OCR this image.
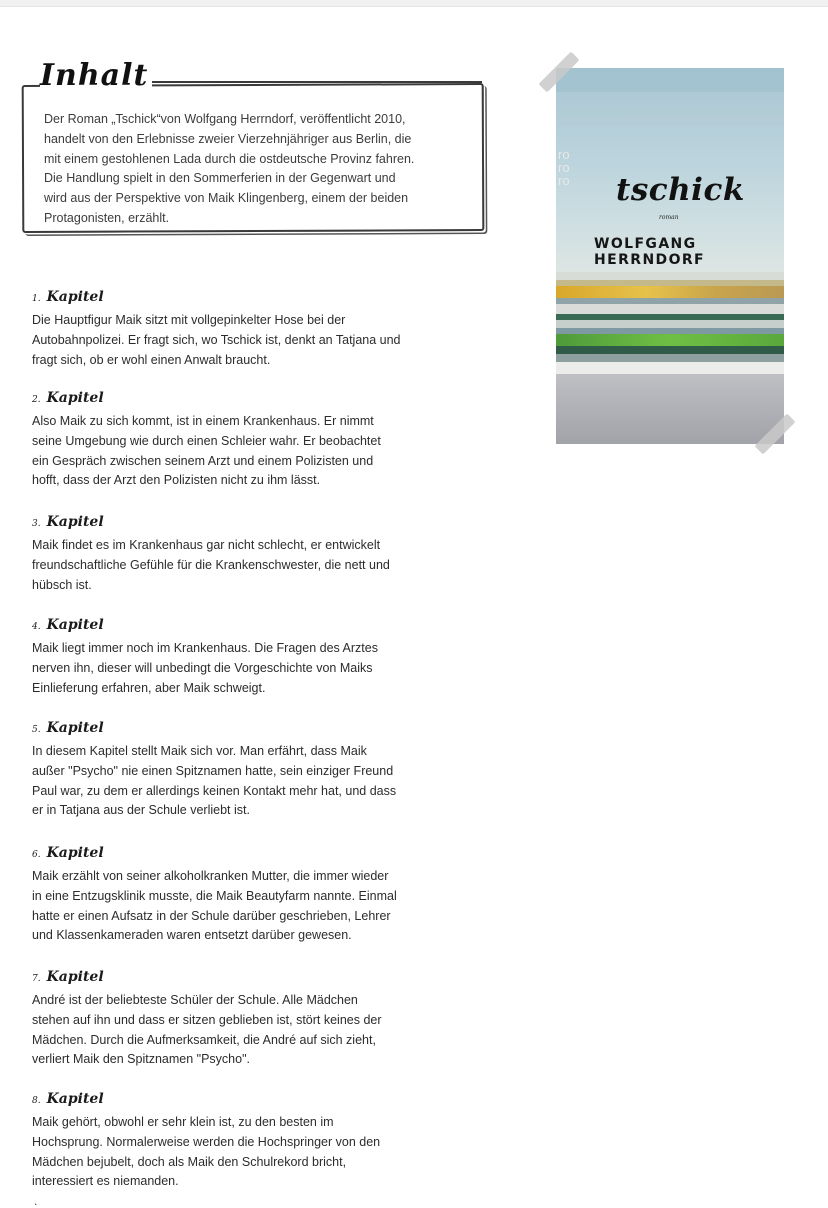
Inhalt
Der Roman „Tschick“von Wolfgang Herrndorf, veröffentlicht 2010,
handelt von den Erlebnisse zweier Vierzehnjähriger aus Berlin, die
mit einem gestohlenen Lada durch die ostdeutsche Provinz fahren.
Die Handlung spielt in den Sommerferien in der Gegenwart und
wird aus der Perspektive von Maik Klingenberg, einem der beiden
Protagonisten, erzählt.
1. Kapitel
Die Hauptfigur Maik sitzt mit vollgepinkelter Hose bei der
Autobahnpolizei. Er fragt sich, wo Tschick ist, denkt an Tatjana und
fragt sich, ob er wohl einen Anwalt braucht.
2. Kapitel
Also Maik zu sich kommt, ist in einem Krankenhaus. Er nimmt
seine Umgebung wie durch einen Schleier wahr. Er beobachtet
ein Gespräch zwischen seinem Arzt und einem Polizisten und
hofft, dass der Arzt den Polizisten nicht zu ihm lässt.
3. Kapitel
Maik findet es im Krankenhaus gar nicht schlecht, er entwickelt
freundschaftliche Gefühle für die Krankenschwester, die nett und
hübsch ist.
4. Kapitel
Maik liegt immer noch im Krankenhaus. Die Fragen des Arztes
nerven ihn, dieser will unbedingt die Vorgeschichte von Maiks
Einlieferung erfahren, aber Maik schweigt.
5. Kapitel
In diesem Kapitel stellt Maik sich vor. Man erfährt, dass Maik
außer "Psycho" nie einen Spitznamen hatte, sein einziger Freund
Paul war, zu dem er allerdings keinen Kontakt mehr hat, und dass
er in Tatjana aus der Schule verliebt ist.
6. Kapitel
Maik erzählt von seiner alkoholkranken Mutter, die immer wieder
in eine Entzugsklinik musste, die Maik Beautyfarm nannte. Einmal
hatte er einen Aufsatz in der Schule darüber geschrieben, Lehrer
und Klassenkameraden waren entsetzt darüber gewesen.
7. Kapitel
André ist der beliebteste Schüler der Schule. Alle Mädchen
stehen auf ihn und dass er sitzen geblieben ist, stört keines der
Mädchen. Durch die Aufmerksamkeit, die André auf sich zieht,
verliert Maik den Spitznamen "Psycho".
8. Kapitel
Maik gehört, obwohl er sehr klein ist, zu den besten im
Hochsprung. Normalerweise werden die Hochspringer von den
Mädchen bejubelt, doch als Maik den Schulrekord bricht,
interessiert es niemanden.
.
ro
ro
ro tschick
roman
WOLFGANG HERRNDORF
